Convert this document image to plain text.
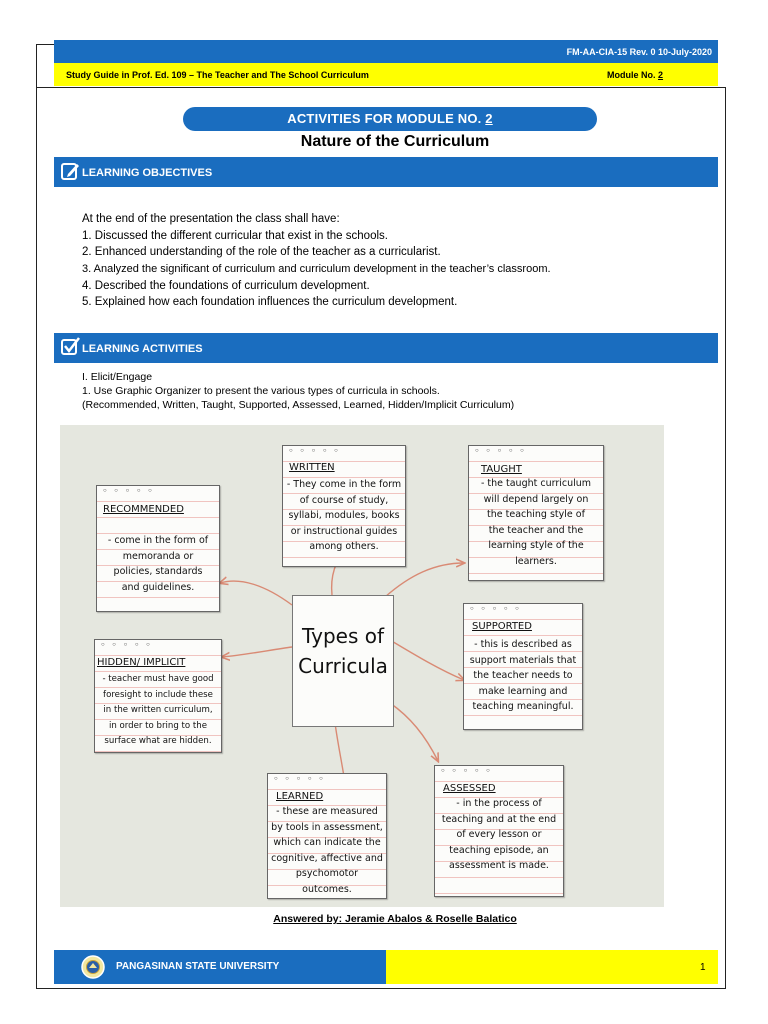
FM-AA-CIA-15 Rev. 0 10-July-2020
Study Guide in Prof. Ed. 109 – The Teacher and The School Curriculum	Module No. 2
ACTIVITIES FOR MODULE NO. 2
Nature of the Curriculum
LEARNING OBJECTIVES
At the end of the presentation the class shall have:
1. Discussed the different curricular that exist in the schools.
2. Enhanced understanding of the role of the teacher as a curricularist.
3. Analyzed the significant of curriculum and curriculum development in the teacher’s classroom.
4. Described the foundations of curriculum development.
5. Explained how each foundation influences the curriculum development.
LEARNING ACTIVITIES
I. Elicit/Engage
1. Use Graphic Organizer to present the various types of curricula in schools.
(Recommended, Written, Taught, Supported, Assessed, Learned, Hidden/Implicit Curriculum)
○ ○ ○ ○ ○
RECOMMENDED
- come in the form of
memoranda or
policies, standards
and guidelines.
○ ○ ○ ○ ○
WRITTEN
- They come in the form
of course of study,
syllabi, modules, books
or instructional guides
among others.
○ ○ ○ ○ ○
TAUGHT
- the taught curriculum
will depend largely on
the teaching style of
the teacher and the
learning style of the
learners.
Types of
Curricula
○ ○ ○ ○ ○
HIDDEN/ IMPLICIT
- teacher must have good
foresight to include these
in the written curriculum,
in order to bring to the
surface what are hidden.
○ ○ ○ ○ ○
SUPPORTED
- this is described as
support materials that
the teacher needs to
make learning and
teaching meaningful.
○ ○ ○ ○ ○
LEARNED
- these are measured
by tools in assessment,
which can indicate the
cognitive, affective and
psychomotor
outcomes.
○ ○ ○ ○ ○
ASSESSED
- in the process of
teaching and at the end
of every lesson or
teaching episode, an
assessment is made.
Answered by: Jeramie Abalos & Roselle Balatico
PANGASINAN STATE UNIVERSITY	1
